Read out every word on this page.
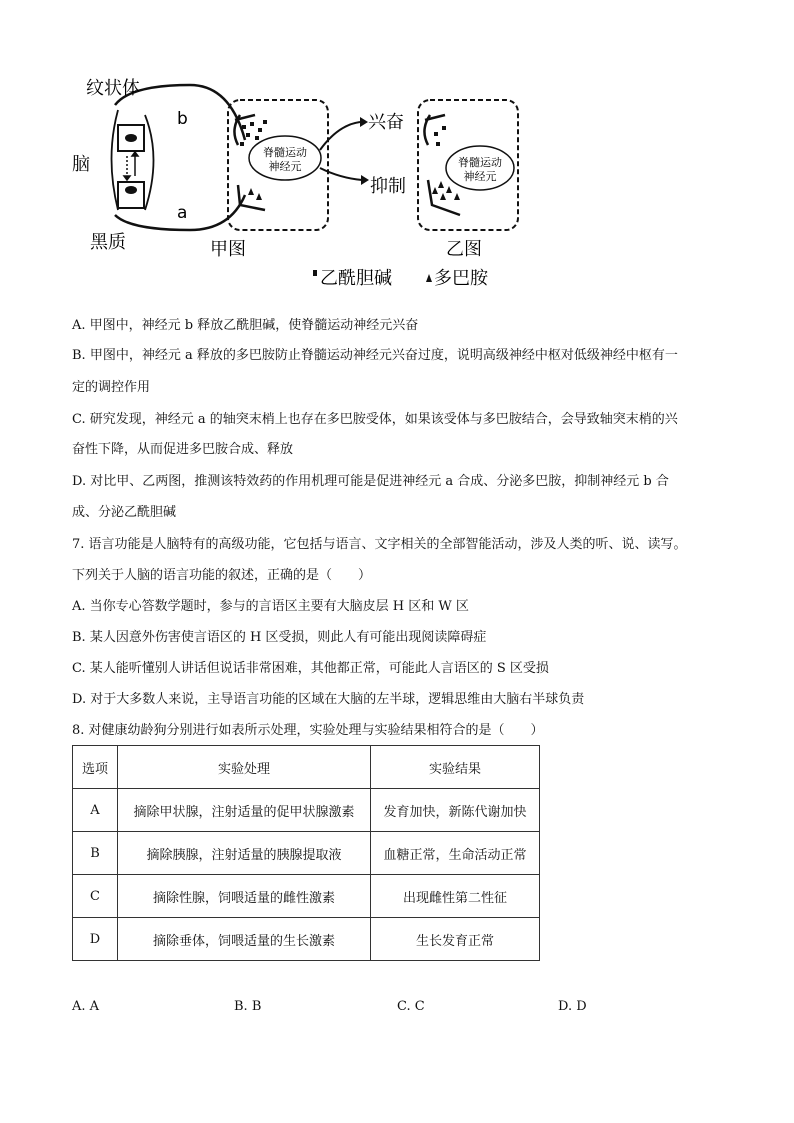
脊髓运动
神经元	脊髓运动
神经元
纹状体
脑
黑质
b
a
兴奋
抑制
甲图	乙图
乙酰胆碱 多巴胺
A. 甲图中，神经元 b 释放乙酰胆碱，使脊髓运动神经元兴奋
B. 甲图中，神经元 a 释放的多巴胺防止脊髓运动神经元兴奋过度，说明高级神经中枢对低级神经中枢有一
定的调控作用
C. 研究发现，神经元 a 的轴突末梢上也存在多巴胺受体，如果该受体与多巴胺结合，会导致轴突末梢的兴
奋性下降，从而促进多巴胺合成、释放
D. 对比甲、乙两图，推测该特效药的作用机理可能是促进神经元 a 合成、分泌多巴胺，抑制神经元 b 合
成、分泌乙酰胆碱
7. 语言功能是人脑特有的高级功能，它包括与语言、文字相关的全部智能活动，涉及人类的听、说、读写。
下列关于人脑的语言功能的叙述，正确的是（　　）
A. 当你专心答数学题时，参与的言语区主要有大脑皮层 H 区和 W 区
B. 某人因意外伤害使言语区的 H 区受损，则此人有可能出现阅读障碍症
C. 某人能听懂别人讲话但说话非常困难，其他都正常，可能此人言语区的 S 区受损
D. 对于大多数人来说，主导语言功能的区域在大脑的左半球，逻辑思维由大脑右半球负责
8. 对健康幼龄狗分别进行如表所示处理，实验处理与实验结果相符合的是（　　）
选项	实验处理	实验结果
A	摘除甲状腺，注射适量的促甲状腺激素	发育加快，新陈代谢加快
B	摘除胰腺，注射适量的胰腺提取液	血糖正常，生命活动正常
C	摘除性腺，饲喂适量的雌性激素	出现雌性第二性征
D	摘除垂体，饲喂适量的生长激素	生长发育正常
A. A	B. B	C. C	D. D
